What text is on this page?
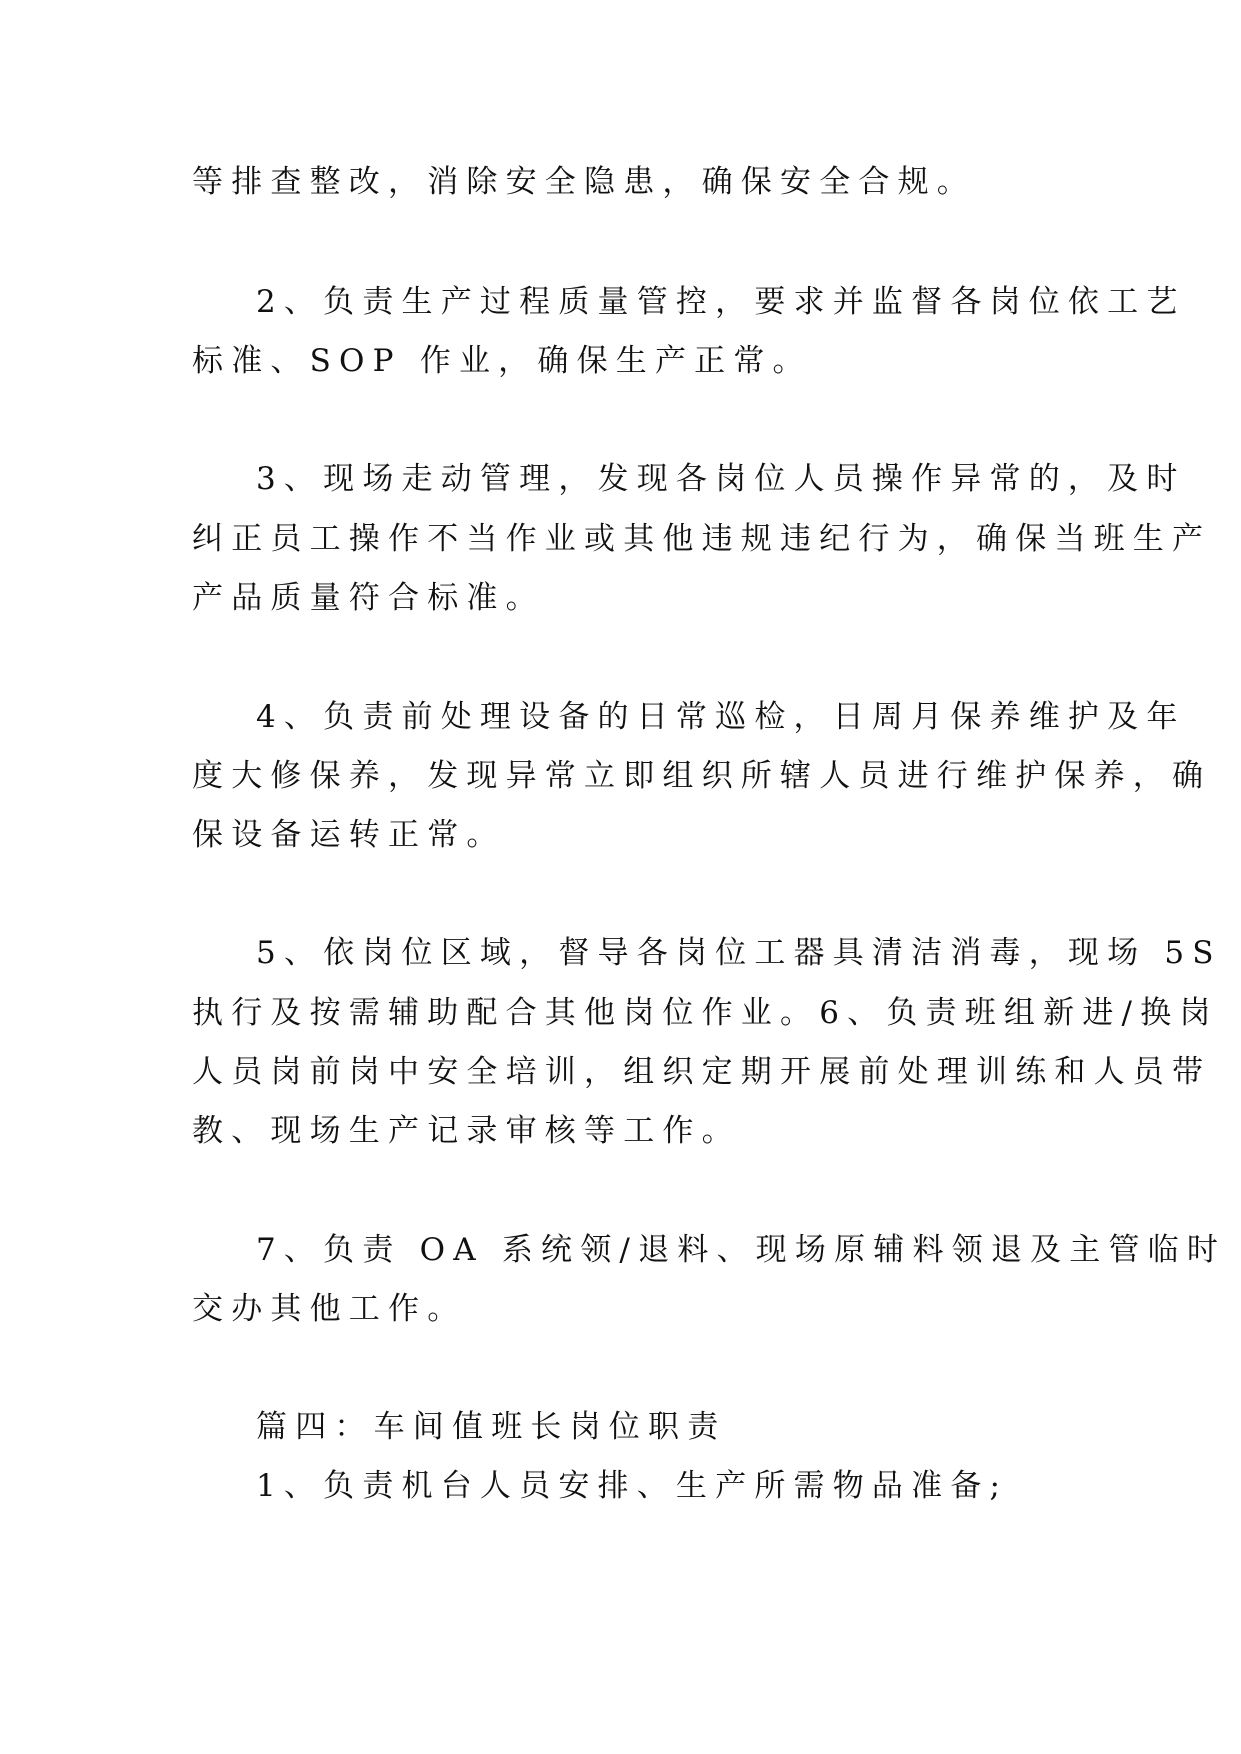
等排查整改，消除安全隐患，确保安全合规。
2、负责生产过程质量管控，要求并监督各岗位依工艺
标准、SOP 作业，确保生产正常。
3、现场走动管理，发现各岗位人员操作异常的，及时
纠正员工操作不当作业或其他违规违纪行为，确保当班生产
产品质量符合标准。
4、负责前处理设备的日常巡检，日周月保养维护及年
度大修保养，发现异常立即组织所辖人员进行维护保养，确
保设备运转正常。
5、依岗位区域，督导各岗位工器具清洁消毒，现场 5S
执行及按需辅助配合其他岗位作业。6、负责班组新进/换岗
人员岗前岗中安全培训，组织定期开展前处理训练和人员带
教、现场生产记录审核等工作。
7、负责 OA 系统领/退料、现场原辅料领退及主管临时
交办其他工作。
篇四：车间值班长岗位职责
1、负责机台人员安排、生产所需物品准备;
